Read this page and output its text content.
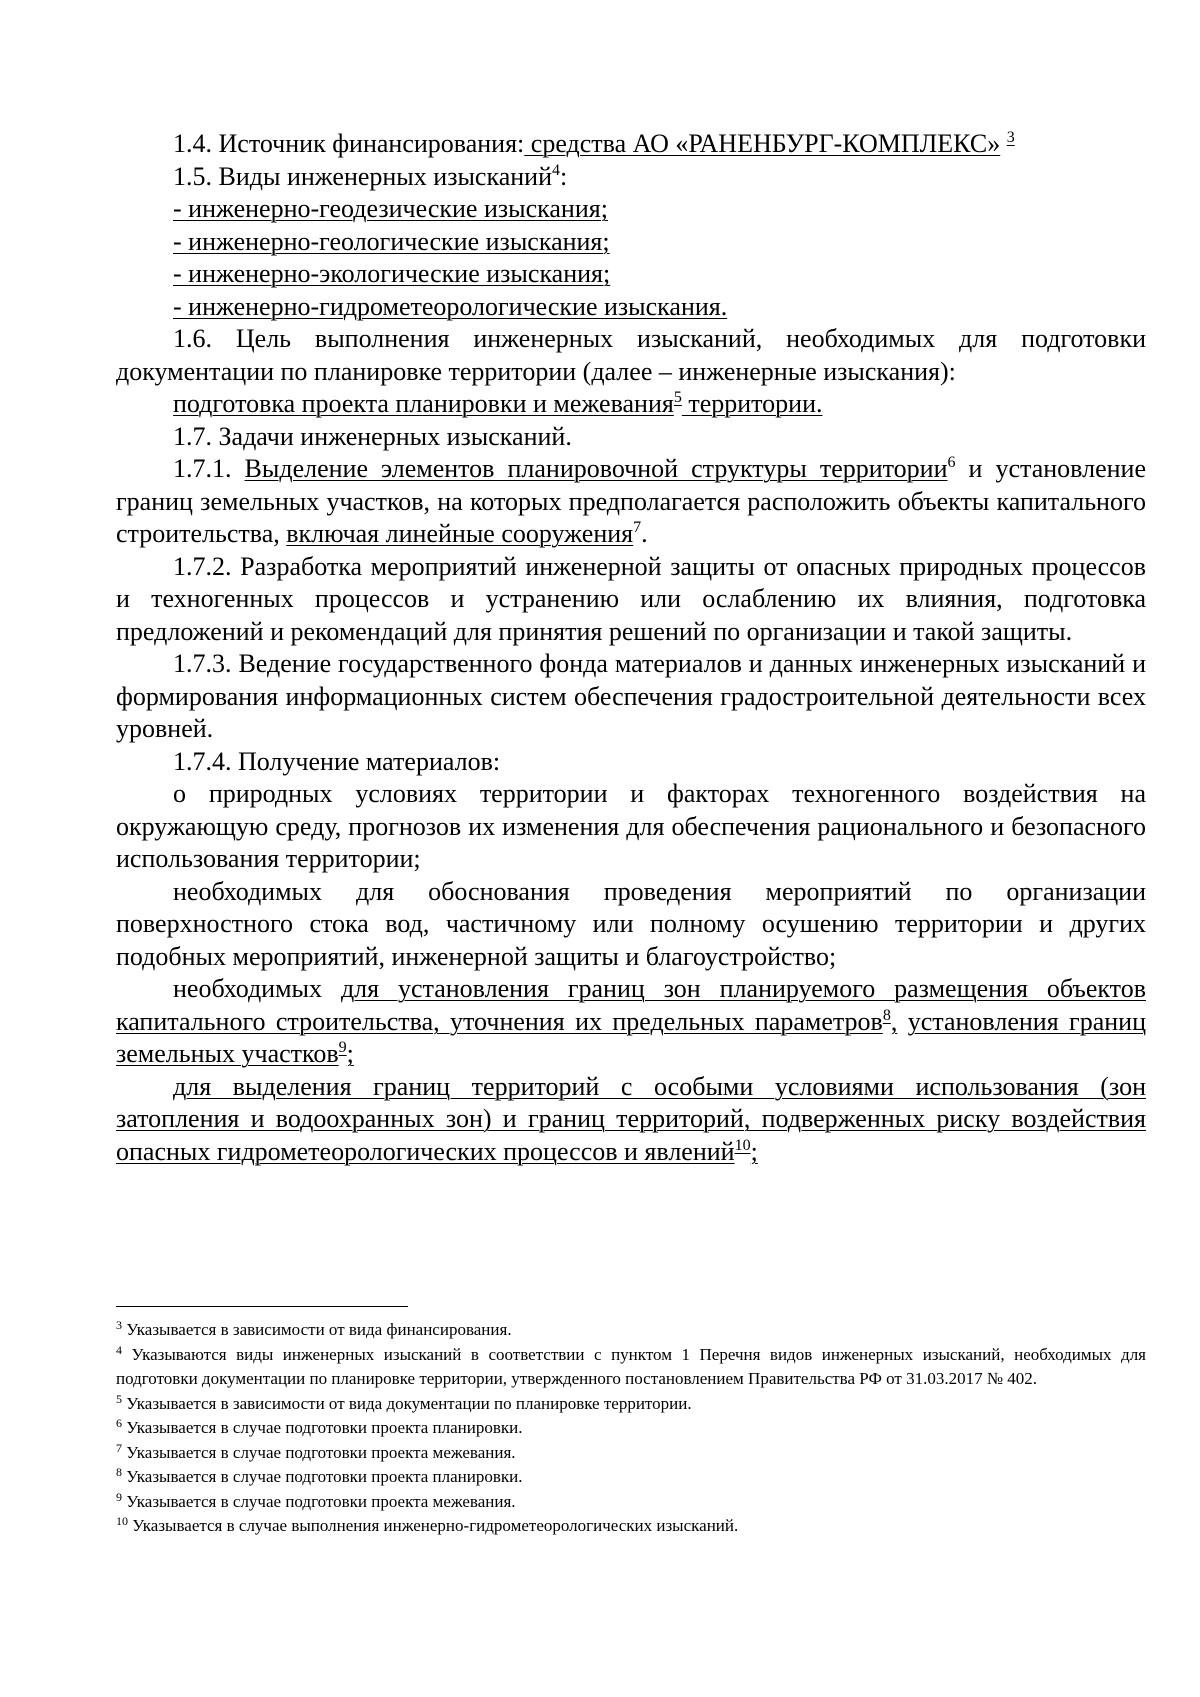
1.4. Источник финансирования: средства АО «РАНЕНБУРГ-КОМПЛЕКС» $^3$

1.5. Виды инженерных изысканий$^4$:

- инженерно-геодезические изыскания;

- инженерно-геологические изыскания;

- инженерно-экологические изыскания;

- инженерно-гидрометеорологические изыскания.

1.6. Цель выполнения инженерных изысканий, необходимых для подготовки документации по планировке территории (далее – инженерные изыскания):

подготовка проекта планировки и межевания$^5$ территории.

1.7. Задачи инженерных изысканий.

1.7.1. Выделение элементов планировочной структуры территории$^6$ и установление границ земельных участков, на которых предполагается расположить объекты капитального строительства, включая линейные сооружения$^7$.

1.7.2. Разработка мероприятий инженерной защиты от опасных природных процессов и техногенных процессов и устранению или ослаблению их влияния, подготовка предложений и рекомендаций для принятия решений по организации и такой защиты.

1.7.3. Ведение государственного фонда материалов и данных инженерных изысканий и формирования информационных систем обеспечения градостроительной деятельности всех уровней.

1.7.4. Получение материалов:

о природных условиях территории и факторах техногенного воздействия на окружающую среду, прогнозов их изменения для обеспечения рационального и безопасного использования территории;

необходимых для обоснования проведения мероприятий по организации поверхностного стока вод, частичному или полному осушению территории и других подобных мероприятий, инженерной защиты и благоустройство;

необходимых для установления границ зон планируемого размещения объектов капитального строительства, уточнения их предельных параметров$^8$, установления границ земельных участков$^9$;

для выделения границ территорий с особыми условиями использования (зон затопления и водоохранных зон) и границ территорий, подверженных риску воздействия опасных гидрометеорологических процессов и явлений$^{10}$;

$^3$ Указывается в зависимости от вида финансирования.

$^4$ Указываются виды инженерных изысканий в соответствии с пунктом 1 Перечня видов инженерных изысканий, необходимых для подготовки документации по планировке территории, утвержденного постановлением Правительства РФ от 31.03.2017 № 402.

$^5$ Указывается в зависимости от вида документации по планировке территории.

$^6$ Указывается в случае подготовки проекта планировки.

$^7$ Указывается в случае подготовки проекта межевания.

$^8$ Указывается в случае подготовки проекта планировки.

$^9$ Указывается в случае подготовки проекта межевания.

$^{10}$ Указывается в случае выполнения инженерно-гидрометеорологических изысканий.
